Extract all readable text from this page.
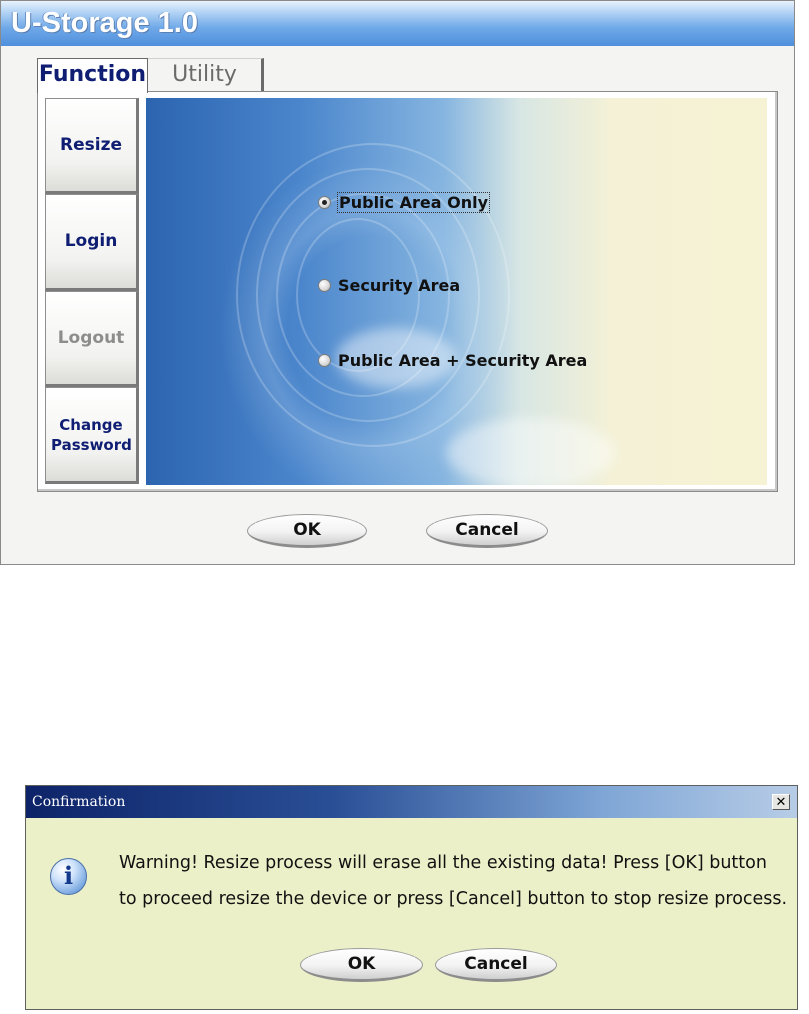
U-Storage 1.0
Function	Utility
Resize
Login
Logout
Change Password
Public Area Only
Security Area
Public Area + Security Area
OK	Cancel
Confirmation	✕
i	Warning! Resize process will erase all the existing data! Press [OK] button
to proceed resize the device or press [Cancel] button to stop resize process.
OK	Cancel
